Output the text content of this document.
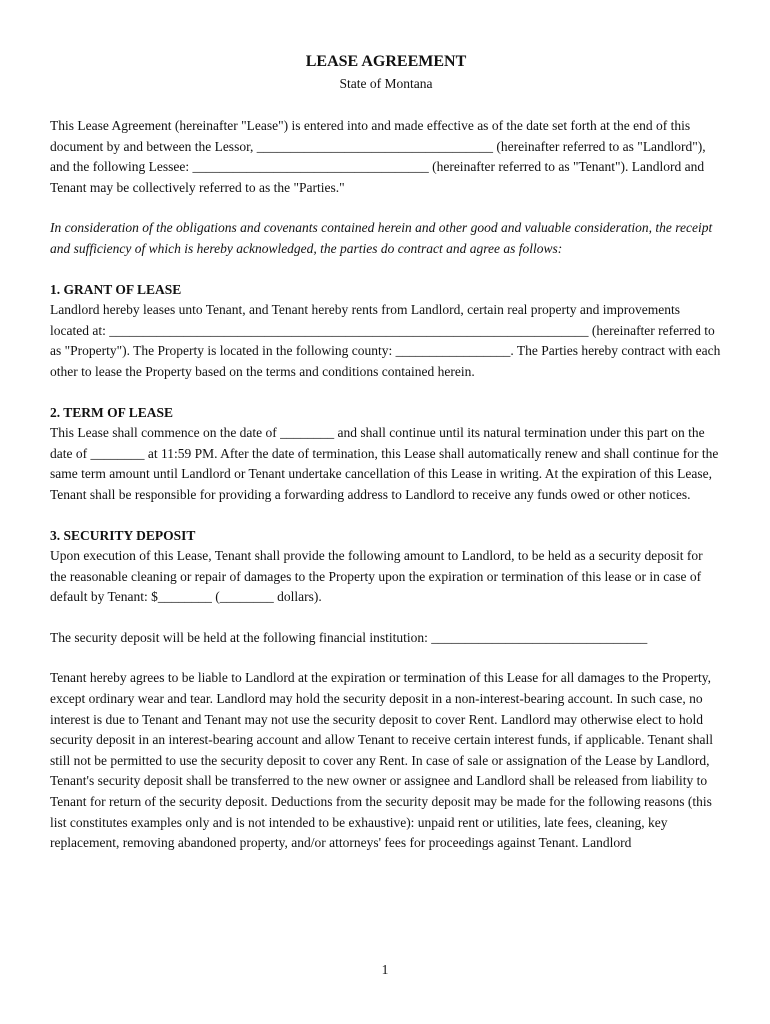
LEASE AGREEMENT
State of Montana

This Lease Agreement (hereinafter "Lease") is entered into and made effective as of the date set forth at the end of this document by and between the Lessor, ___________________________________ (hereinafter referred to as "Landlord"), and the following Lessee: ___________________________________ (hereinafter referred to as "Tenant"). Landlord and Tenant may be collectively referred to as the "Parties."

In consideration of the obligations and covenants contained herein and other good and valuable consideration, the receipt and sufficiency of which is hereby acknowledged, the parties do contract and agree as follows:

1. GRANT OF LEASE

Landlord hereby leases unto Tenant, and Tenant hereby rents from Landlord, certain real property and improvements located at: _______________________________________________________________________ (hereinafter referred to as "Property"). The Property is located in the following county: _________________. The Parties hereby contract with each other to lease the Property based on the terms and conditions contained herein.

2. TERM OF LEASE

This Lease shall commence on the date of ________ and shall continue until its natural termination under this part on the date of ________ at 11:59 PM. After the date of termination, this Lease shall automatically renew and shall continue for the same term amount until Landlord or Tenant undertake cancellation of this Lease in writing. At the expiration of this Lease, Tenant shall be responsible for providing a forwarding address to Landlord to receive any funds owed or other notices.

3. SECURITY DEPOSIT

Upon execution of this Lease, Tenant shall provide the following amount to Landlord, to be held as a security deposit for the reasonable cleaning or repair of damages to the Property upon the expiration or termination of this lease or in case of default by Tenant: $________ (________ dollars).

The security deposit will be held at the following financial institution: ________________________________

Tenant hereby agrees to be liable to Landlord at the expiration or termination of this Lease for all damages to the Property, except ordinary wear and tear. Landlord may hold the security deposit in a non-interest-bearing account. In such case, no interest is due to Tenant and Tenant may not use the security deposit to cover Rent. Landlord may otherwise elect to hold security deposit in an interest-bearing account and allow Tenant to receive certain interest funds, if applicable. Tenant shall still not be permitted to use the security deposit to cover any Rent. In case of sale or assignation of the Lease by Landlord, Tenant's security deposit shall be transferred to the new owner or assignee and Landlord shall be released from liability to Tenant for return of the security deposit. Deductions from the security deposit may be made for the following reasons (this list constitutes examples only and is not intended to be exhaustive): unpaid rent or utilities, late fees, cleaning, key replacement, removing abandoned property, and/or attorneys' fees for proceedings against Tenant. Landlord

1
